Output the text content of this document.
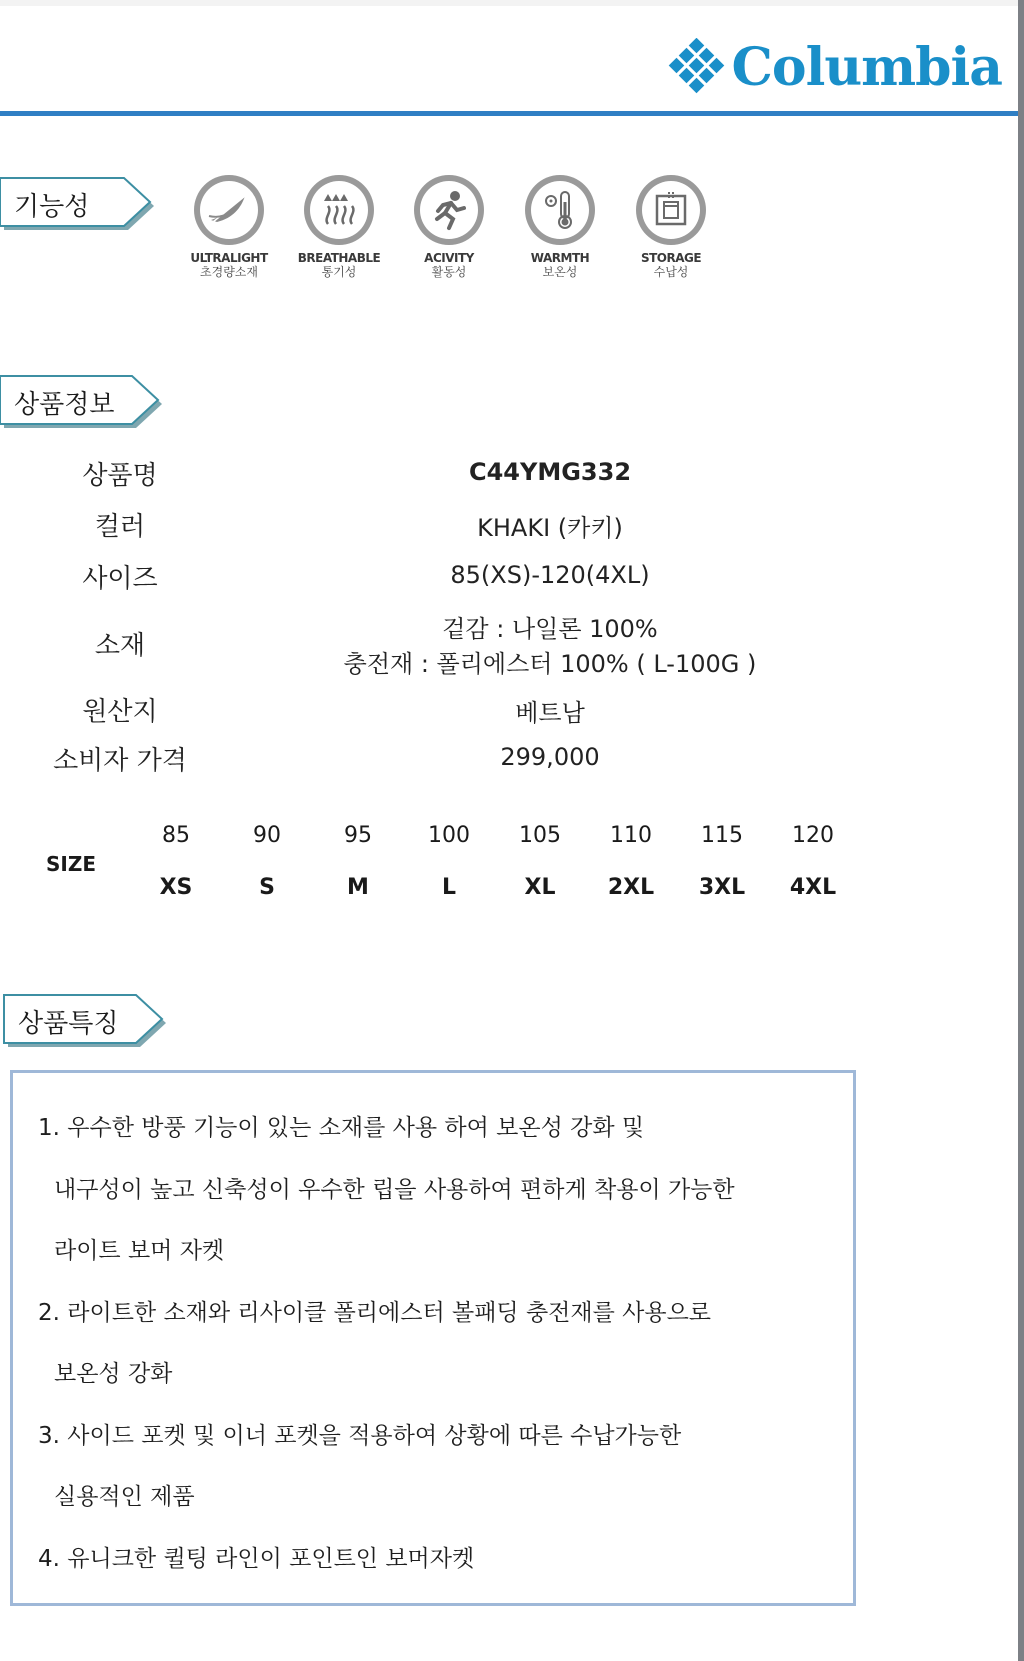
Columbia
기능성
ULTRALIGHT
초경량소재
BREATHABLE
통기성
ACIVITY
활동성
WARMTH
보온성
STORAGE
수납성
상품정보
상품명	C44YMG332
컬러	KHAKI (카키)
사이즈	85(XS)-120(4XL)
소재
겉감 : 나일론 100%
충전재 : 폴리에스터 100% ( L-100G )
원산지	베트남
소비자 가격	299,000
SIZE
85	90	95	100	105	110	115	120
XS	S	M	L	XL	2XL	3XL	4XL
상품특징
1. 우수한 방풍 기능이 있는 소재를 사용 하여 보온성 강화 및
내구성이 높고 신축성이 우수한 립을 사용하여 편하게 착용이 가능한
라이트 보머 자켓
2. 라이트한 소재와 리사이클 폴리에스터 볼패딩 충전재를 사용으로
보온성 강화
3. 사이드 포켓 및 이너 포켓을 적용하여 상황에 따른 수납가능한
실용적인 제품
4. 유니크한 퀼팅 라인이 포인트인 보머자켓
